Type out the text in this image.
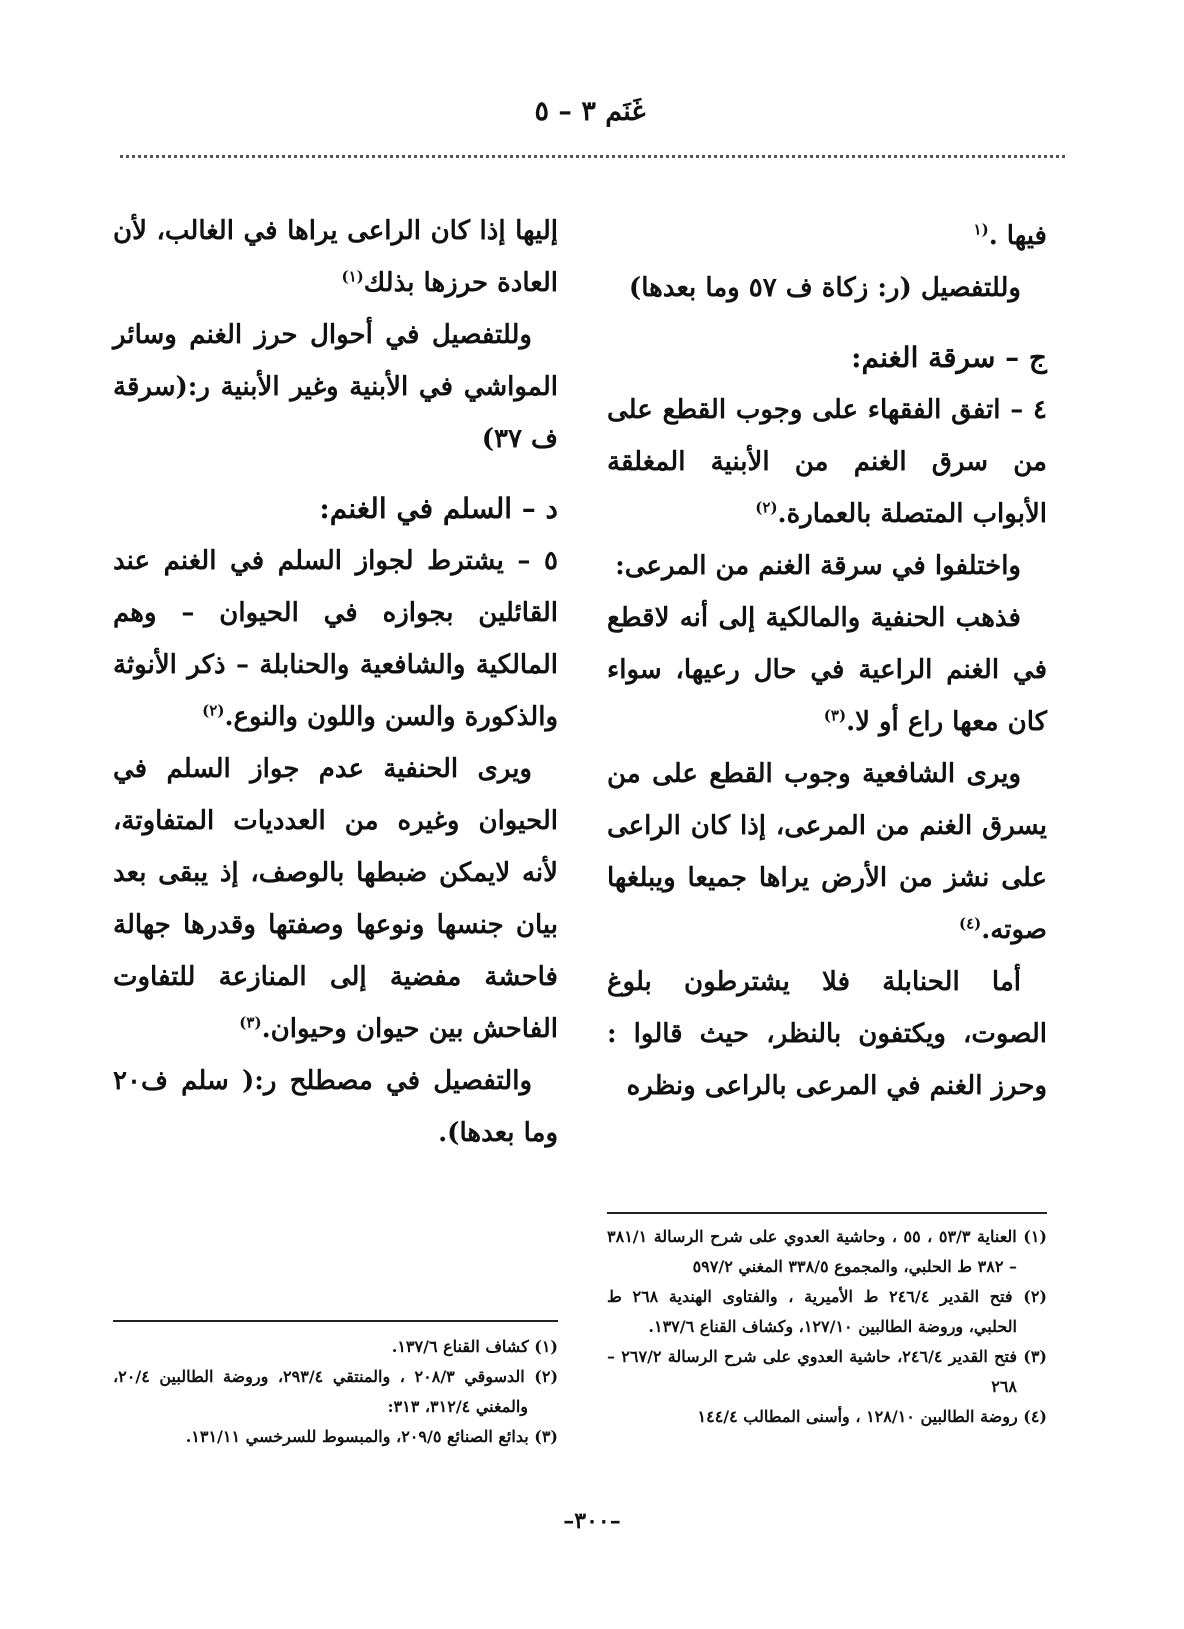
غَنَم ٣ – ٥

فيها .$^{(١}$

وللتفصيل (ر: زكاة ف ٥٧ وما بعدها)

ج – سرقة الغنم:

٤ – اتفق الفقهاء على وجوب القطع على من سرق الغنم من الأبنية المغلقة الأبواب المتصلة بالعمارة.$^{(٢)}$

واختلفوا في سرقة الغنم من المرعى:

فذهب الحنفية والمالكية إلى أنه لاقطع في الغنم الراعية في حال رعيها، سواء كان معها راع أو لا.$^{(٣)}$

ويرى الشافعية وجوب القطع على من يسرق الغنم من المرعى، إذا كان الراعى على نشز من الأرض يراها جميعا ويبلغها صوته.$^{(٤)}$

أما الحنابلة فلا يشترطون بلوغ الصوت، ويكتفون بالنظر، حيث قالوا : وحرز الغنم في المرعى بالراعى ونظره

إليها إذا كان الراعى يراها في الغالب، لأن العادة حرزها بذلك$^{(١)}$

وللتفصيل في أحوال حرز الغنم وسائر المواشي في الأبنية وغير الأبنية ر:(سرقة ف ٣٧)

د – السلم في الغنم:

٥ – يشترط لجواز السلم في الغنم عند القائلين بجوازه في الحيوان – وهم المالكية والشافعية والحنابلة – ذكر الأنوثة والذكورة والسن واللون والنوع.$^{(٢)}$

ويرى الحنفية عدم جواز السلم في الحيوان وغيره من العدديات المتفاوتة، لأنه لايمكن ضبطها بالوصف، إذ يبقى بعد بيان جنسها ونوعها وصفتها وقدرها جهالة فاحشة مفضية إلى المنازعة للتفاوت الفاحش بين حيوان وحيوان.$^{(٣)}$

والتفصيل في مصطلح ر:( سلم ف٢٠ وما بعدها).

(١) العناية ٥٣/٣ ، ٥٥ ، وحاشية العدوي على شرح الرسالة ٣٨١/١ – ٣٨٢ ط الحلبي، والمجموع ٣٣٨/٥ المغني ٥٩٧/٢

(٢) فتح القدير ٢٤٦/٤ ط الأميرية ، والفتاوى الهندية ٢٦٨ ط الحلبي، وروضة الطالبين ١٢٧/١٠، وكشاف القناع ١٣٧/٦.

(٣) فتح القدير ٢٤٦/٤، حاشية العدوي على شرح الرسالة ٢٦٧/٢ – ٢٦٨

(٤) روضة الطالبين ١٢٨/١٠ ، وأسنى المطالب ١٤٤/٤

(١) كشاف القناع ١٣٧/٦.

(٢) الدسوقي ٢٠٨/٣ ، والمنتقي ٢٩٣/٤، وروضة الطالبين ٢٠/٤، والمغني ٣١٢/٤، ٣١٣:

(٣) بدائع الصنائع ٢٠٩/٥، والمبسوط للسرخسي ١٣١/١١.

–٣٠٠–
